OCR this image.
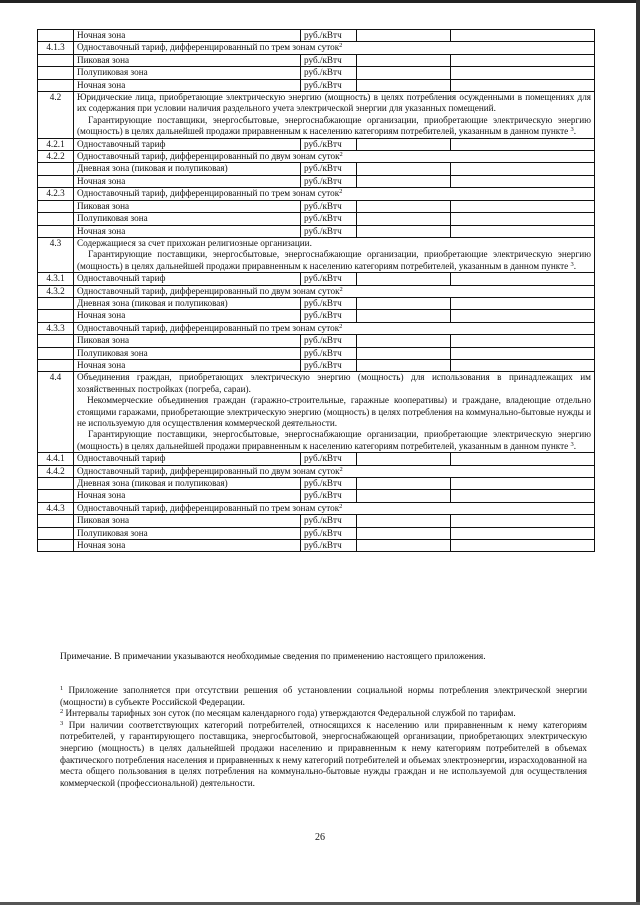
	Ночная зона	руб./кВтч		
4.1.3	Одноставочный тариф, дифференцированный по трем зонам суток$^2$
	Пиковая зона	руб./кВтч		
	Полупиковая зона	руб./кВтч		
	Ночная зона	руб./кВтч		
4.2	Юридические лица, приобретающие электрическую энергию (мощность) в целях потребления осужденными в помещениях для их содержания при условии наличия раздельного учета электрической энергии для указанных помещений.

Гарантирующие поставщики, энергосбытовые, энергоснабжающие организации, приобретающие электрическую энергию (мощность) в целях дальнейшей продажи приравненным к населению категориям потребителей, указанным в данном пункте $^3$.			

4.2.1	Одноставочный тариф	руб./кВтч		
4.2.2	Одноставочный тариф, дифференцированный по двум зонам суток$^2$
	Дневная зона (пиковая и полупиковая)	руб./кВтч		
	Ночная зона	руб./кВтч		
4.2.3	Одноставочный тариф, дифференцированный по трем зонам суток$^2$
	Пиковая зона	руб./кВтч		
	Полупиковая зона	руб./кВтч		
	Ночная зона	руб./кВтч		
4.3	Содержащиеся за счет прихожан религиозные организации.

Гарантирующие поставщики, энергосбытовые, энергоснабжающие организации, приобретающие электрическую энергию (мощность) в целях дальнейшей продажи приравненным к населению категориям потребителей, указанным в данном пункте $^3$.			

4.3.1	Одноставочный тариф	руб./кВтч		
4.3.2	Одноставочный тариф, дифференцированный по двум зонам суток$^2$
	Дневная зона (пиковая и полупиковая)	руб./кВтч		
	Ночная зона	руб./кВтч		
4.3.3	Одноставочный тариф, дифференцированный по трем зонам суток$^2$
	Пиковая зона	руб./кВтч		
	Полупиковая зона	руб./кВтч		
	Ночная зона	руб./кВтч		
4.4	Объединения граждан, приобретающих электрическую энергию (мощность) для использования в принадлежащих им хозяйственных постройках (погреба, сараи).

Некоммерческие объединения граждан (гаражно-строительные, гаражные кооперативы) и граждане, владеющие отдельно стоящими гаражами, приобретающие электрическую энергию (мощность) в целях потребления на коммунально-бытовые нужды и не используемую для осуществления коммерческой деятельности.

Гарантирующие поставщики, энергосбытовые, энергоснабжающие организации, приобретающие электрическую энергию (мощность) в целях дальнейшей продажи приравненным к населению категориям потребителей, указанным в данном пункте $^3$.			

4.4.1	Одноставочный тариф	руб./кВтч		
4.4.2	Одноставочный тариф, дифференцированный по двум зонам суток$^2$
	Дневная зона (пиковая и полупиковая)	руб./кВтч		
	Ночная зона	руб./кВтч		
4.4.3	Одноставочный тариф, дифференцированный по трем зонам суток$^2$
	Пиковая зона	руб./кВтч		
	Полупиковая зона	руб./кВтч		
	Ночная зона	руб./кВтч		
Примечание. В примечании указываются необходимые сведения по применению настоящего приложения.

$^1$ Приложение заполняется при отсутствии решения об установлении социальной нормы потребления электрической энергии (мощности) в субъекте Российской Федерации.

$^2$ Интервалы тарифных зон суток (по месяцам календарного года) утверждаются Федеральной службой по тарифам.

$^3$ При наличии соответствующих категорий потребителей, относящихся к населению или приравненным к нему категориям потребителей, у гарантирующего поставщика, энергосбытовой, энергоснабжающей организации, приобретающих электрическую энергию (мощность) в целях дальнейшей продажи населению и приравненным к нему категориям потребителей в объемах фактического потребления населения и приравненных к нему категорий потребителей и объемах электроэнергии, израсходованной на места общего пользования в целях потребления на коммунально-бытовые нужды граждан и не используемой для осуществления коммерческой (профессиональной) деятельности.

26
